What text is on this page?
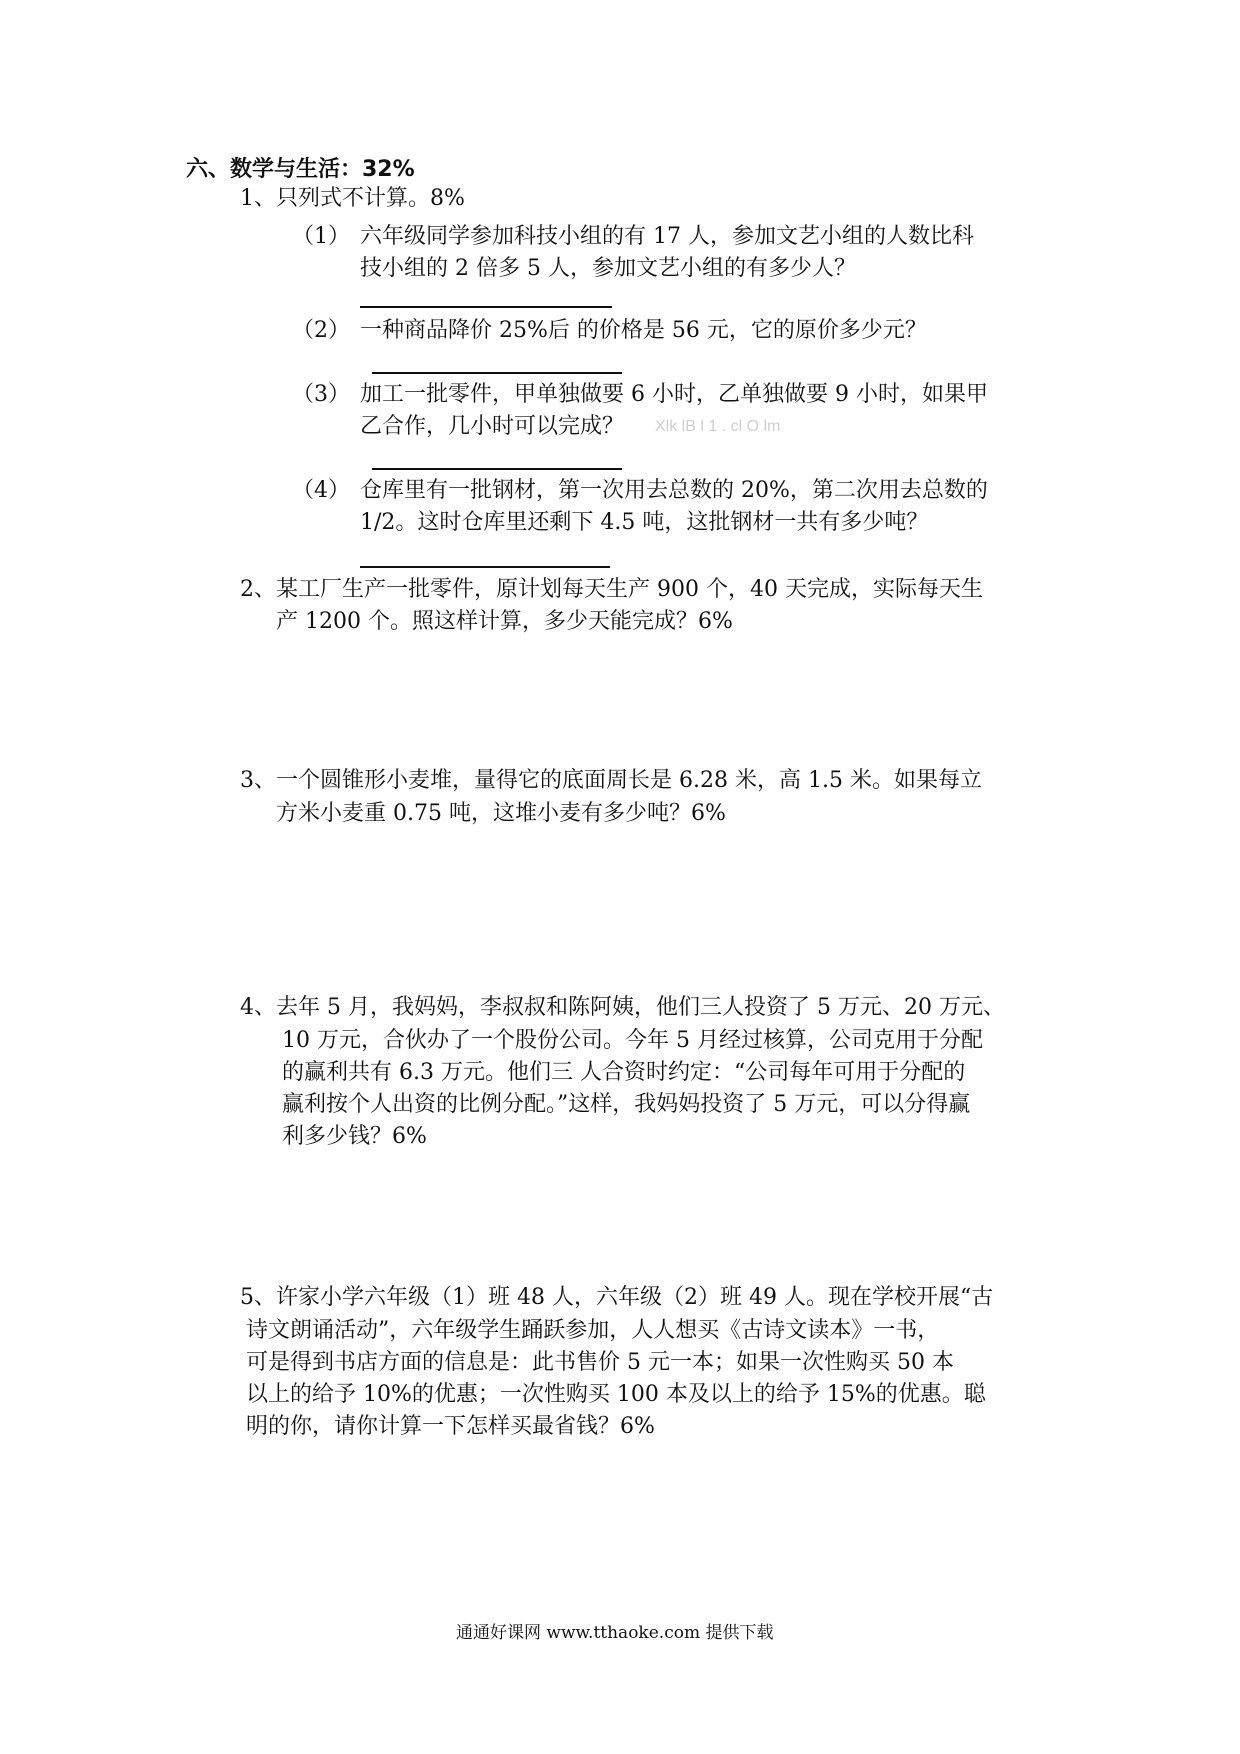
六、数学与生活：32%
1、只列式不计算。8%
（1） 六年级同学参加科技小组的有 17 人，参加文艺小组的人数比科
技小组的 2 倍多 5 人，参加文艺小组的有多少人？
（2） 一种商品降价 25%后 的价格是 56 元，它的原价多少元？
（3） 加工一批零件，甲单独做要 6 小时，乙单独做要 9 小时，如果甲
乙合作，几小时可以完成？ Xlk lB l 1 . cl O lm
（4） 仓库里有一批钢材，第一次用去总数的 20%，第二次用去总数的
1/2。这时仓库里还剩下 4.5 吨，这批钢材一共有多少吨？
2、某工厂生产一批零件，原计划每天生产 900 个，40 天完成，实际每天生
产 1200 个。照这样计算，多少天能完成？6%
3、一个圆锥形小麦堆，量得它的底面周长是 6.28 米，高 1.5 米。如果每立
方米小麦重 0.75 吨，这堆小麦有多少吨？6%
4、去年 5 月，我妈妈，李叔叔和陈阿姨，他们三人投资了 5 万元、20 万元、
10 万元，合伙办了一个股份公司。今年 5 月经过核算，公司克用于分配
的赢利共有 6.3 万元。他们三 人合资时约定：“公司每年可用于分配的
赢利按个人出资的比例分配。”这样，我妈妈投资了 5 万元，可以分得赢
利多少钱？6%
5、许家小学六年级（1）班 48 人，六年级（2）班 49 人。现在学校开展“古
诗文朗诵活动”，六年级学生踊跃参加，人人想买《古诗文读本》一书，
可是得到书店方面的信息是：此书售价 5 元一本；如果一次性购买 50 本
以上的给予 10%的优惠；一次性购买 100 本及以上的给予 15%的优惠。聪
明的你，请你计算一下怎样买最省钱？6%
通通好课网 www.tthaoke.com 提供下载
